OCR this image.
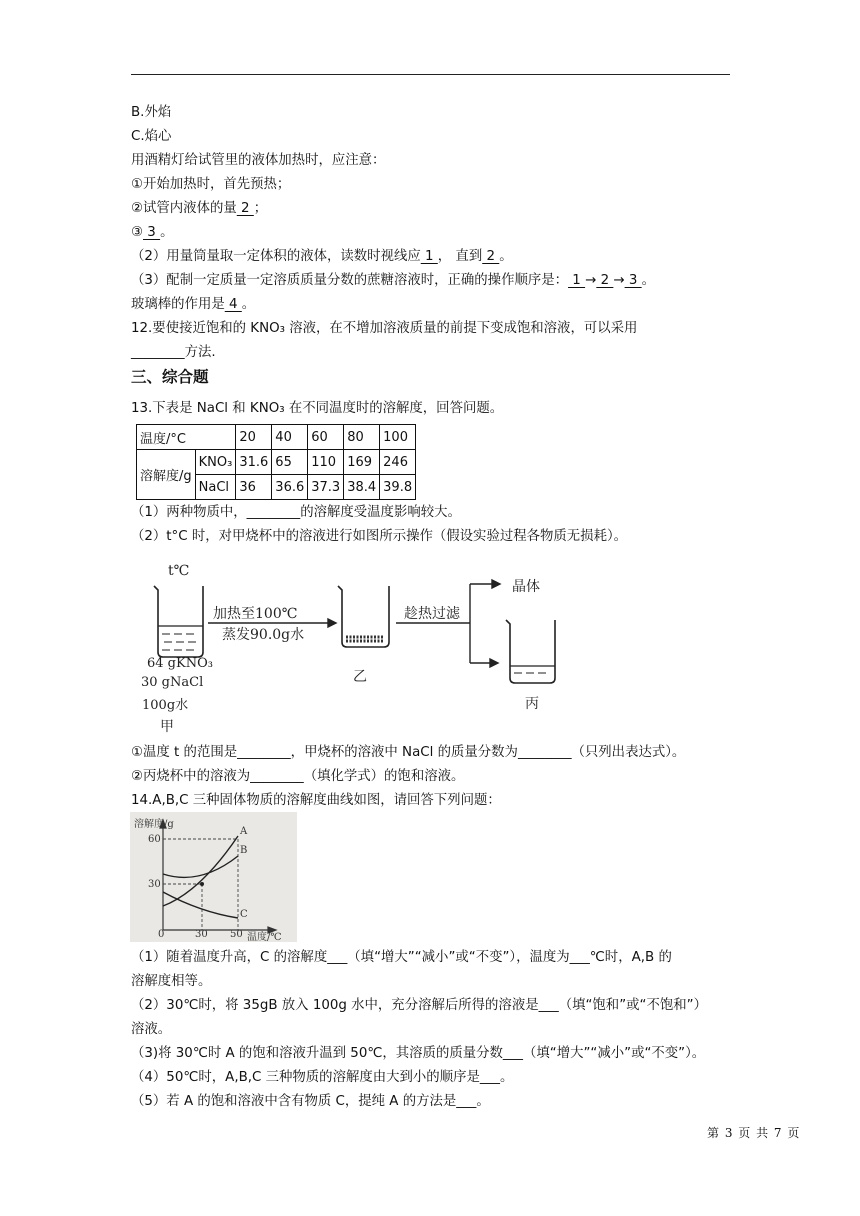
B.外焰
C.焰心
用酒精灯给试管里的液体加热时，应注意：
①开始加热时，首先预热；
②试管内液体的量 2 ；
③ 3 。
（2）用量筒量取一定体积的液体，读数时视线应 1 ， 直到 2 。
（3）配制一定质量一定溶质质量分数的蔗糖溶液时，正确的操作顺序是： 1 → 2 → 3 。
玻璃棒的作用是 4 。
12.要使接近饱和的 KNO₃ 溶液，在不增加溶液质量的前提下变成饱和溶液，可以采用
________方法.
三、综合题
13.下表是 NaCl 和 KNO₃ 在不同温度时的溶解度，回答问题。
温度/°C		20	40	60	80	100
溶解度/g	KNO₃	31.6	65	110	169	246
	NaCl	36	36.6	37.3	38.4	39.8
（1）两种物质中，________的溶解度受温度影响较大。
（2）t°C 时，对甲烧杯中的溶液进行如图所示操作（假设实验过程各物质无损耗）。
t℃
加热至100℃
蒸发90.0g水
趁热过滤
晶体
64 gKNO₃
30 gNaCl
100g水
甲
乙
丙
①温度 t 的范围是________，甲烧杯的溶液中 NaCl 的质量分数为________（只列出表达式）。
②丙烧杯中的溶液为________（填化学式）的饱和溶液。
14.A,B,C 三种固体物质的溶解度曲线如图，请回答下列问题：
溶解度/g
60
30
0	30 50 温度/℃
A
B
C
（1）随着温度升高，C 的溶解度___（填“增大”“减小”或“不变”），温度为___℃时，A,B 的
溶解度相等。
（2）30℃时，将 35gB 放入 100g 水中，充分溶解后所得的溶液是___（填“饱和”或“不饱和”）
溶液。
（3)将 30℃时 A 的饱和溶液升温到 50℃，其溶质的质量分数___（填“增大”“减小”或“不变”）。
（4）50℃时，A,B,C 三种物质的溶解度由大到小的顺序是___。
（5）若 A 的饱和溶液中含有物质 C，提纯 A 的方法是___。
第 3 页 共 7 页
